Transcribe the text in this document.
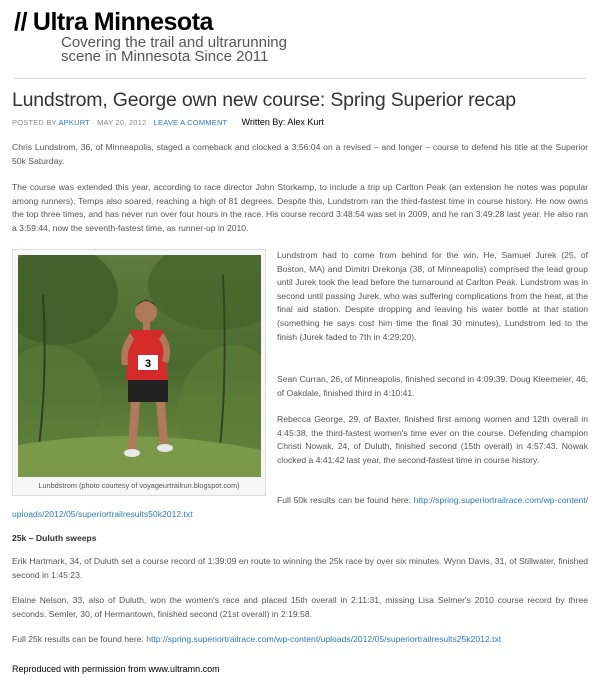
// Ultra Minnesota
Covering the trail and ultrarunning
scene in Minnesota Since 2011
Lundstrom, George own new course: Spring Superior recap
POSTED BY APKURT · MAY 20, 2012 · LEAVE A COMMENT Written By: Alex Kurt

Chris Lundstrom, 36, of Minneapolis, staged a comeback and clocked a 3:56:04 on a revised – and longer – course to defend his title at the Superior 50k Saturday.

The course was extended this year, according to race director John Storkamp, to include a trip up Carlton Peak (an extension he notes was popular among runners). Temps also soared, reaching a high of 81 degrees. Despite this, Lundstrom ran the third-fastest time in course history. He now owns the top three times, and has never run over four hours in the race. His course record 3:48:54 was set in 2009, and he ran 3:49:28 last year. He also ran a 3:59:44, now the seventh-fastest time, as runner-up in 2010.

3
Lunbdstrom (photo courtesy of voyageurtrailrun.blogspot.com)

Lundstrom had to come from behind for the win. He, Samuel Jurek (25, of Boston, MA) and Dimitri Drekonja (38, of Minneapolis) comprised the lead group until Jurek took the lead before the turnaround at Carlton Peak. Lundstrom was in second until passing Jurek, who was suffering complications from the heat, at the final aid station. Despite dropping and leaving his water bottle at that station (something he says cost him time the final 30 minutes), Lundstrom led to the finish (Jurek faded to 7th in 4:29:20).

Sean Curran, 26, of Minneapolis, finished second in 4:09:39. Doug Kleemeier, 46, of Oakdale, finished third in 4:10:41.

Rebecca George, 29, of Baxter, finished first among women and 12th overall in 4:45:38, the third-fastest women's time ever on the course. Defending champion Christi Nowak, 24, of Duluth, finished second (15th overall) in 4:57:43. Nowak clocked a 4:41:42 last year, the second-fastest time in course history.

Full 50k results can be found here: http://spring.superiortrailrace.com/wp-content/uploads/2012/05/superiortrailresults50k2012.txt

25k – Duluth sweeps

Erik Hartmark, 34, of Duluth set a course record of 1:39:09 en route to winning the 25k race by over six minutes. Wynn Davis, 31, of Stillwater, finished second in 1:45:23.

Elaine Nelson, 33, also of Duluth, won the women's race and placed 15th overall in 2:11:31, missing Lisa Selmer's 2010 course record by three seconds. Semler, 30, of Hermantown, finished second (21st overall) in 2:19:58.

Full 25k results can be found here: http://spring.superiortrailrace.com/wp-content/uploads/2012/05/superiortrailresults25k2012.txt

Reproduced with permission from www.ultramn.com
